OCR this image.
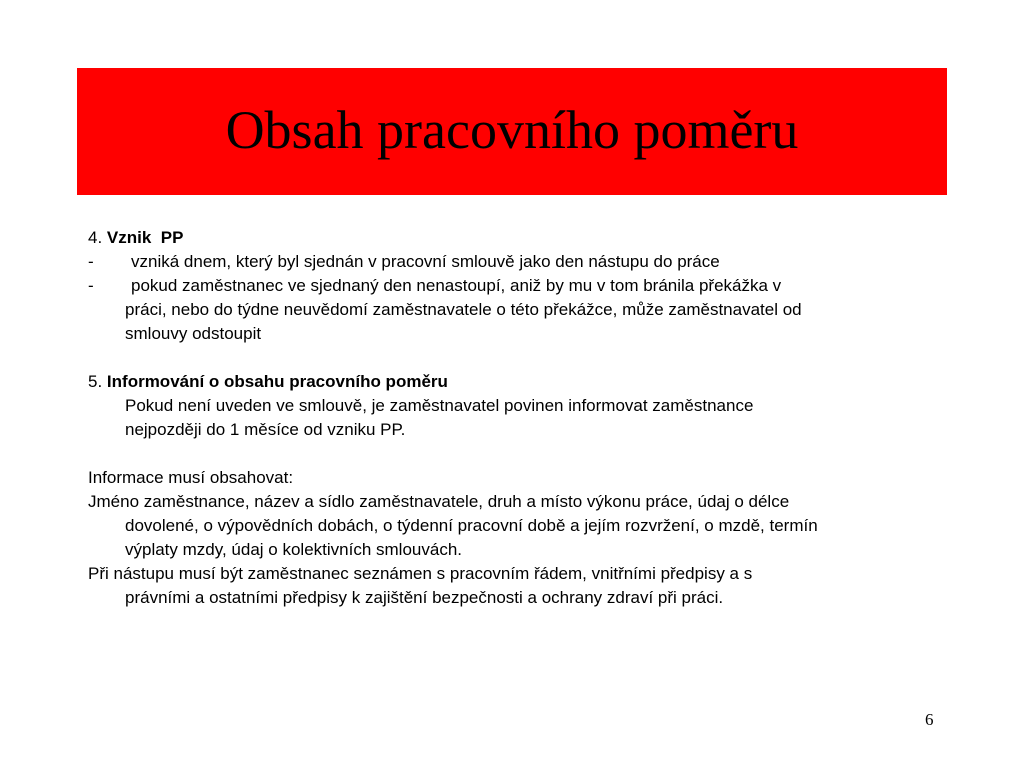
Obsah pracovního poměru
4. Vznik  PP
-	vzniká dnem, který byl sjednán v pracovní smlouvě jako den nástupu do práce
-	pokud zaměstnanec ve sjednaný den nenastoupí, aniž by mu v tom bránila překážka v
práci, nebo do týdne neuvědomí zaměstnavatele o této překážce, může zaměstnavatel od
smlouvy odstoupit
5. Informování o obsahu pracovního poměru
Pokud není uveden ve smlouvě, je zaměstnavatel povinen informovat zaměstnance
nejpozději do 1 měsíce od vzniku PP.
Informace musí obsahovat:
Jméno zaměstnance, název a sídlo zaměstnavatele, druh a místo výkonu práce, údaj o délce
dovolené, o výpovědních dobách, o týdenní pracovní době a jejím rozvržení, o mzdě, termín
výplaty mzdy, údaj o kolektivních smlouvách.
Při nástupu musí být zaměstnanec seznámen s pracovním řádem, vnitřními předpisy a s
právními a ostatními předpisy k zajištění bezpečnosti a ochrany zdraví při práci.
6
